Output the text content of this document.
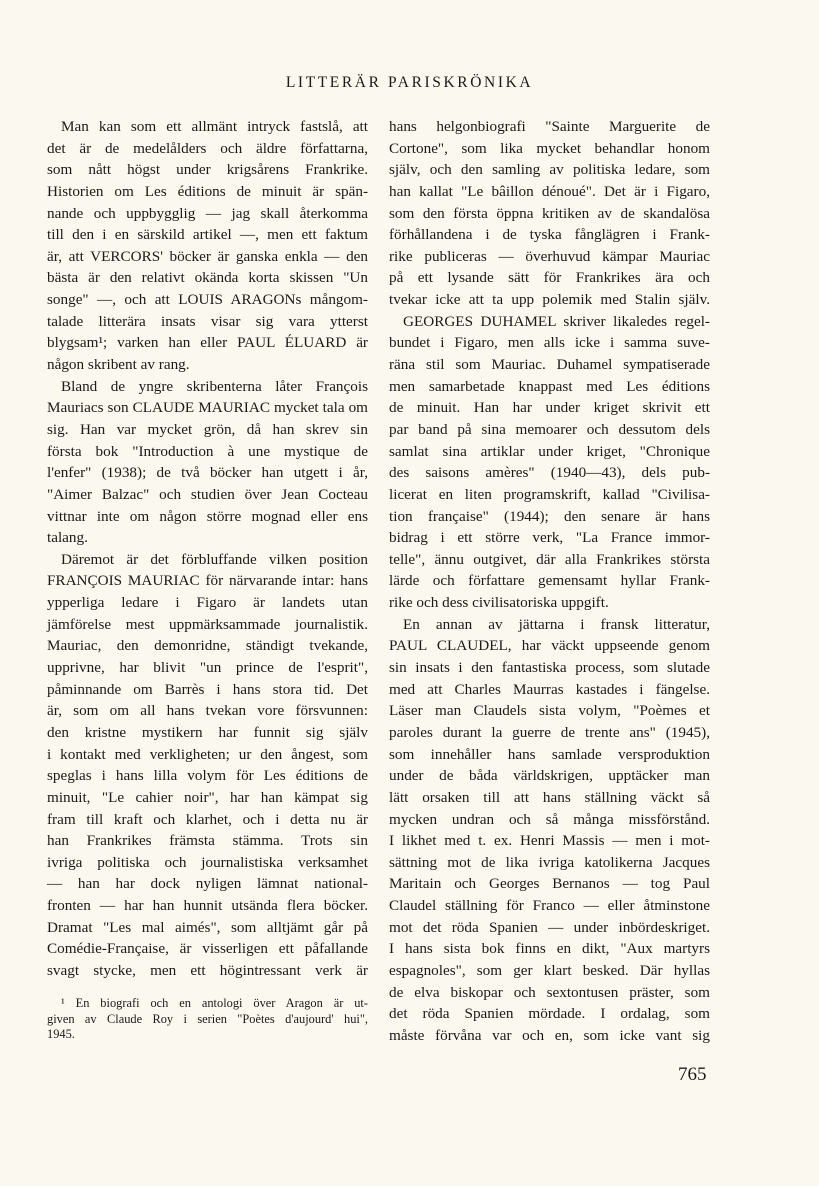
LITTERÄR PARISKRÖNIKA
Man kan som ett allmänt intryck fastslå, att
det är de medelålders och äldre författarna,
som nått högst under krigsårens Frankrike.
Historien om Les éditions de minuit är spän-
nande och uppbygglig — jag skall återkomma
till den i en särskild artikel —, men ett faktum
är, att VERCORS' böcker är ganska enkla — den
bästa är den relativt okända korta skissen "Un
songe" —, och att LOUIS ARAGONs mångom-
talade litterära insats visar sig vara ytterst
blygsam¹; varken han eller PAUL ÉLUARD är
någon skribent av rang.
Bland de yngre skribenterna låter François
Mauriacs son CLAUDE MAURIAC mycket tala om
sig. Han var mycket grön, då han skrev sin
första bok "Introduction à une mystique de
l'enfer" (1938); de två böcker han utgett i år,
"Aimer Balzac" och studien över Jean Cocteau
vittnar inte om någon större mognad eller ens
talang.
Däremot är det förbluffande vilken position
FRANÇOIS MAURIAC för närvarande intar: hans
ypperliga ledare i Figaro är landets utan
jämförelse mest uppmärksammade journalistik.
Mauriac, den demonridne, ständigt tvekande,
upprivne, har blivit "un prince de l'esprit",
påminnande om Barrès i hans stora tid. Det
är, som om all hans tvekan vore försvunnen:
den kristne mystikern har funnit sig själv
i kontakt med verkligheten; ur den ångest, som
speglas i hans lilla volym för Les éditions de
minuit, "Le cahier noir", har han kämpat sig
fram till kraft och klarhet, och i detta nu är
han Frankrikes främsta stämma. Trots sin
ivriga politiska och journalistiska verksamhet
— han har dock nyligen lämnat national-
fronten — har han hunnit utsända flera böcker.
Dramat "Les mal aimés", som alltjämt går på
Comédie-Française, är visserligen ett påfallande
svagt stycke, men ett högintressant verk är
hans helgonbiografi "Sainte Marguerite de
Cortone", som lika mycket behandlar honom
själv, och den samling av politiska ledare, som
han kallat "Le bâillon dénoué". Det är i Figaro,
som den första öppna kritiken av de skandalösa
förhållandena i de tyska fånglägren i Frank-
rike publiceras — överhuvud kämpar Mauriac
på ett lysande sätt för Frankrikes ära och
tvekar icke att ta upp polemik med Stalin själv.
GEORGES DUHAMEL skriver likaledes regel-
bundet i Figaro, men alls icke i samma suve-
räna stil som Mauriac. Duhamel sympatiserade
men samarbetade knappast med Les éditions
de minuit. Han har under kriget skrivit ett
par band på sina memoarer och dessutom dels
samlat sina artiklar under kriget, "Chronique
des saisons amères" (1940—43), dels pub-
licerat en liten programskrift, kallad "Civilisa-
tion française" (1944); den senare är hans
bidrag i ett större verk, "La France immor-
telle", ännu outgivet, där alla Frankrikes största
lärde och författare gemensamt hyllar Frank-
rike och dess civilisatoriska uppgift.
En annan av jättarna i fransk litteratur,
PAUL CLAUDEL, har väckt uppseende genom
sin insats i den fantastiska process, som slutade
med att Charles Maurras kastades i fängelse.
Läser man Claudels sista volym, "Poèmes et
paroles durant la guerre de trente ans" (1945),
som innehåller hans samlade versproduktion
under de båda världskrigen, upptäcker man
lätt orsaken till att hans ställning väckt så
mycken undran och så många missförstånd.
I likhet med t. ex. Henri Massis — men i mot-
sättning mot de lika ivriga katolikerna Jacques
Maritain och Georges Bernanos — tog Paul
Claudel ställning för Franco — eller åtminstone
mot det röda Spanien — under inbördeskriget.
I hans sista bok finns en dikt, "Aux martyrs
espagnoles", som ger klart besked. Där hyllas
de elva biskopar och sextontusen präster, som
det röda Spanien mördade. I ordalag, som
måste förvåna var och en, som icke vant sig
¹ En biografi och en antologi över Aragon är ut-
given av Claude Roy i serien "Poètes d'aujourd' hui",
1945.
765
